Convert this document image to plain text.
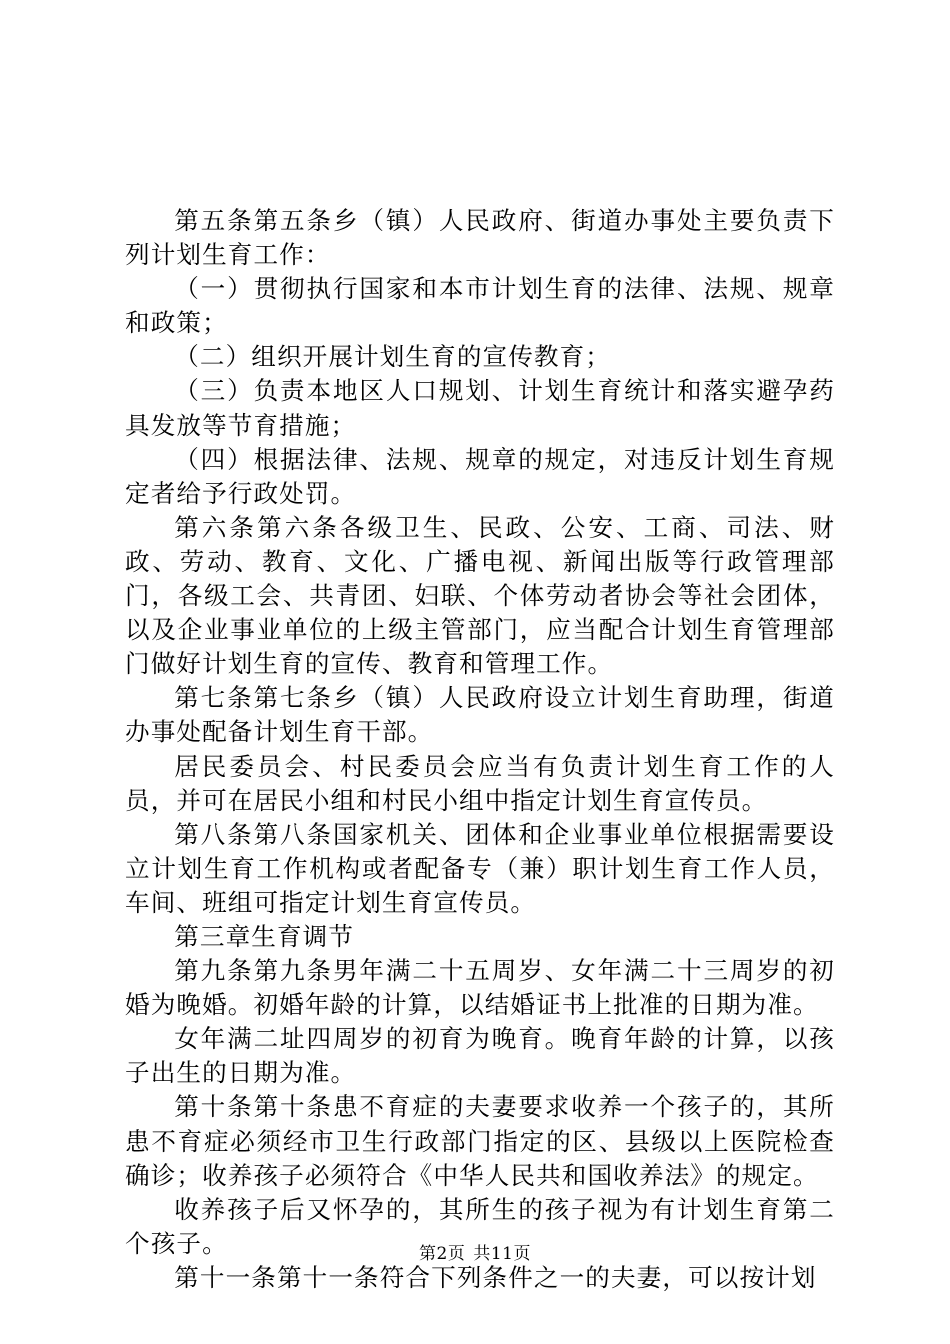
第五条第五条乡（镇）人民政府、街道办事处主要负责下列计划生育工作：

（一）贯彻执行国家和本市计划生育的法律、法规、规章和政策；

（二）组织开展计划生育的宣传教育；

（三）负责本地区人口规划、计划生育统计和落实避孕药具发放等节育措施；

（四）根据法律、法规、规章的规定，对违反计划生育规定者给予行政处罚。

第六条第六条各级卫生、民政、公安、工商、司法、财政、劳动、教育、文化、广播电视、新闻出版等行政管理部门，各级工会、共青团、妇联、个体劳动者协会等社会团体，以及企业事业单位的上级主管部门，应当配合计划生育管理部门做好计划生育的宣传、教育和管理工作。

第七条第七条乡（镇）人民政府设立计划生育助理，街道办事处配备计划生育干部。

居民委员会、村民委员会应当有负责计划生育工作的人员，并可在居民小组和村民小组中指定计划生育宣传员。

第八条第八条国家机关、团体和企业事业单位根据需要设立计划生育工作机构或者配备专（兼）职计划生育工作人员，车间、班组可指定计划生育宣传员。

第三章生育调节

第九条第九条男年满二十五周岁、女年满二十三周岁的初婚为晚婚。初婚年龄的计算，以结婚证书上批准的日期为准。

女年满二址四周岁的初育为晚育。晚育年龄的计算，以孩子出生的日期为准。

第十条第十条患不育症的夫妻要求收养一个孩子的，其所患不育症必须经市卫生行政部门指定的区、县级以上医院检查确诊；收养孩子必须符合《中华人民共和国收养法》的规定。

收养孩子后又怀孕的，其所生的孩子视为有计划生育第二个孩子。

第十一条第十一条符合下列条件之一的夫妻，可以按计划

第2页 共11页
